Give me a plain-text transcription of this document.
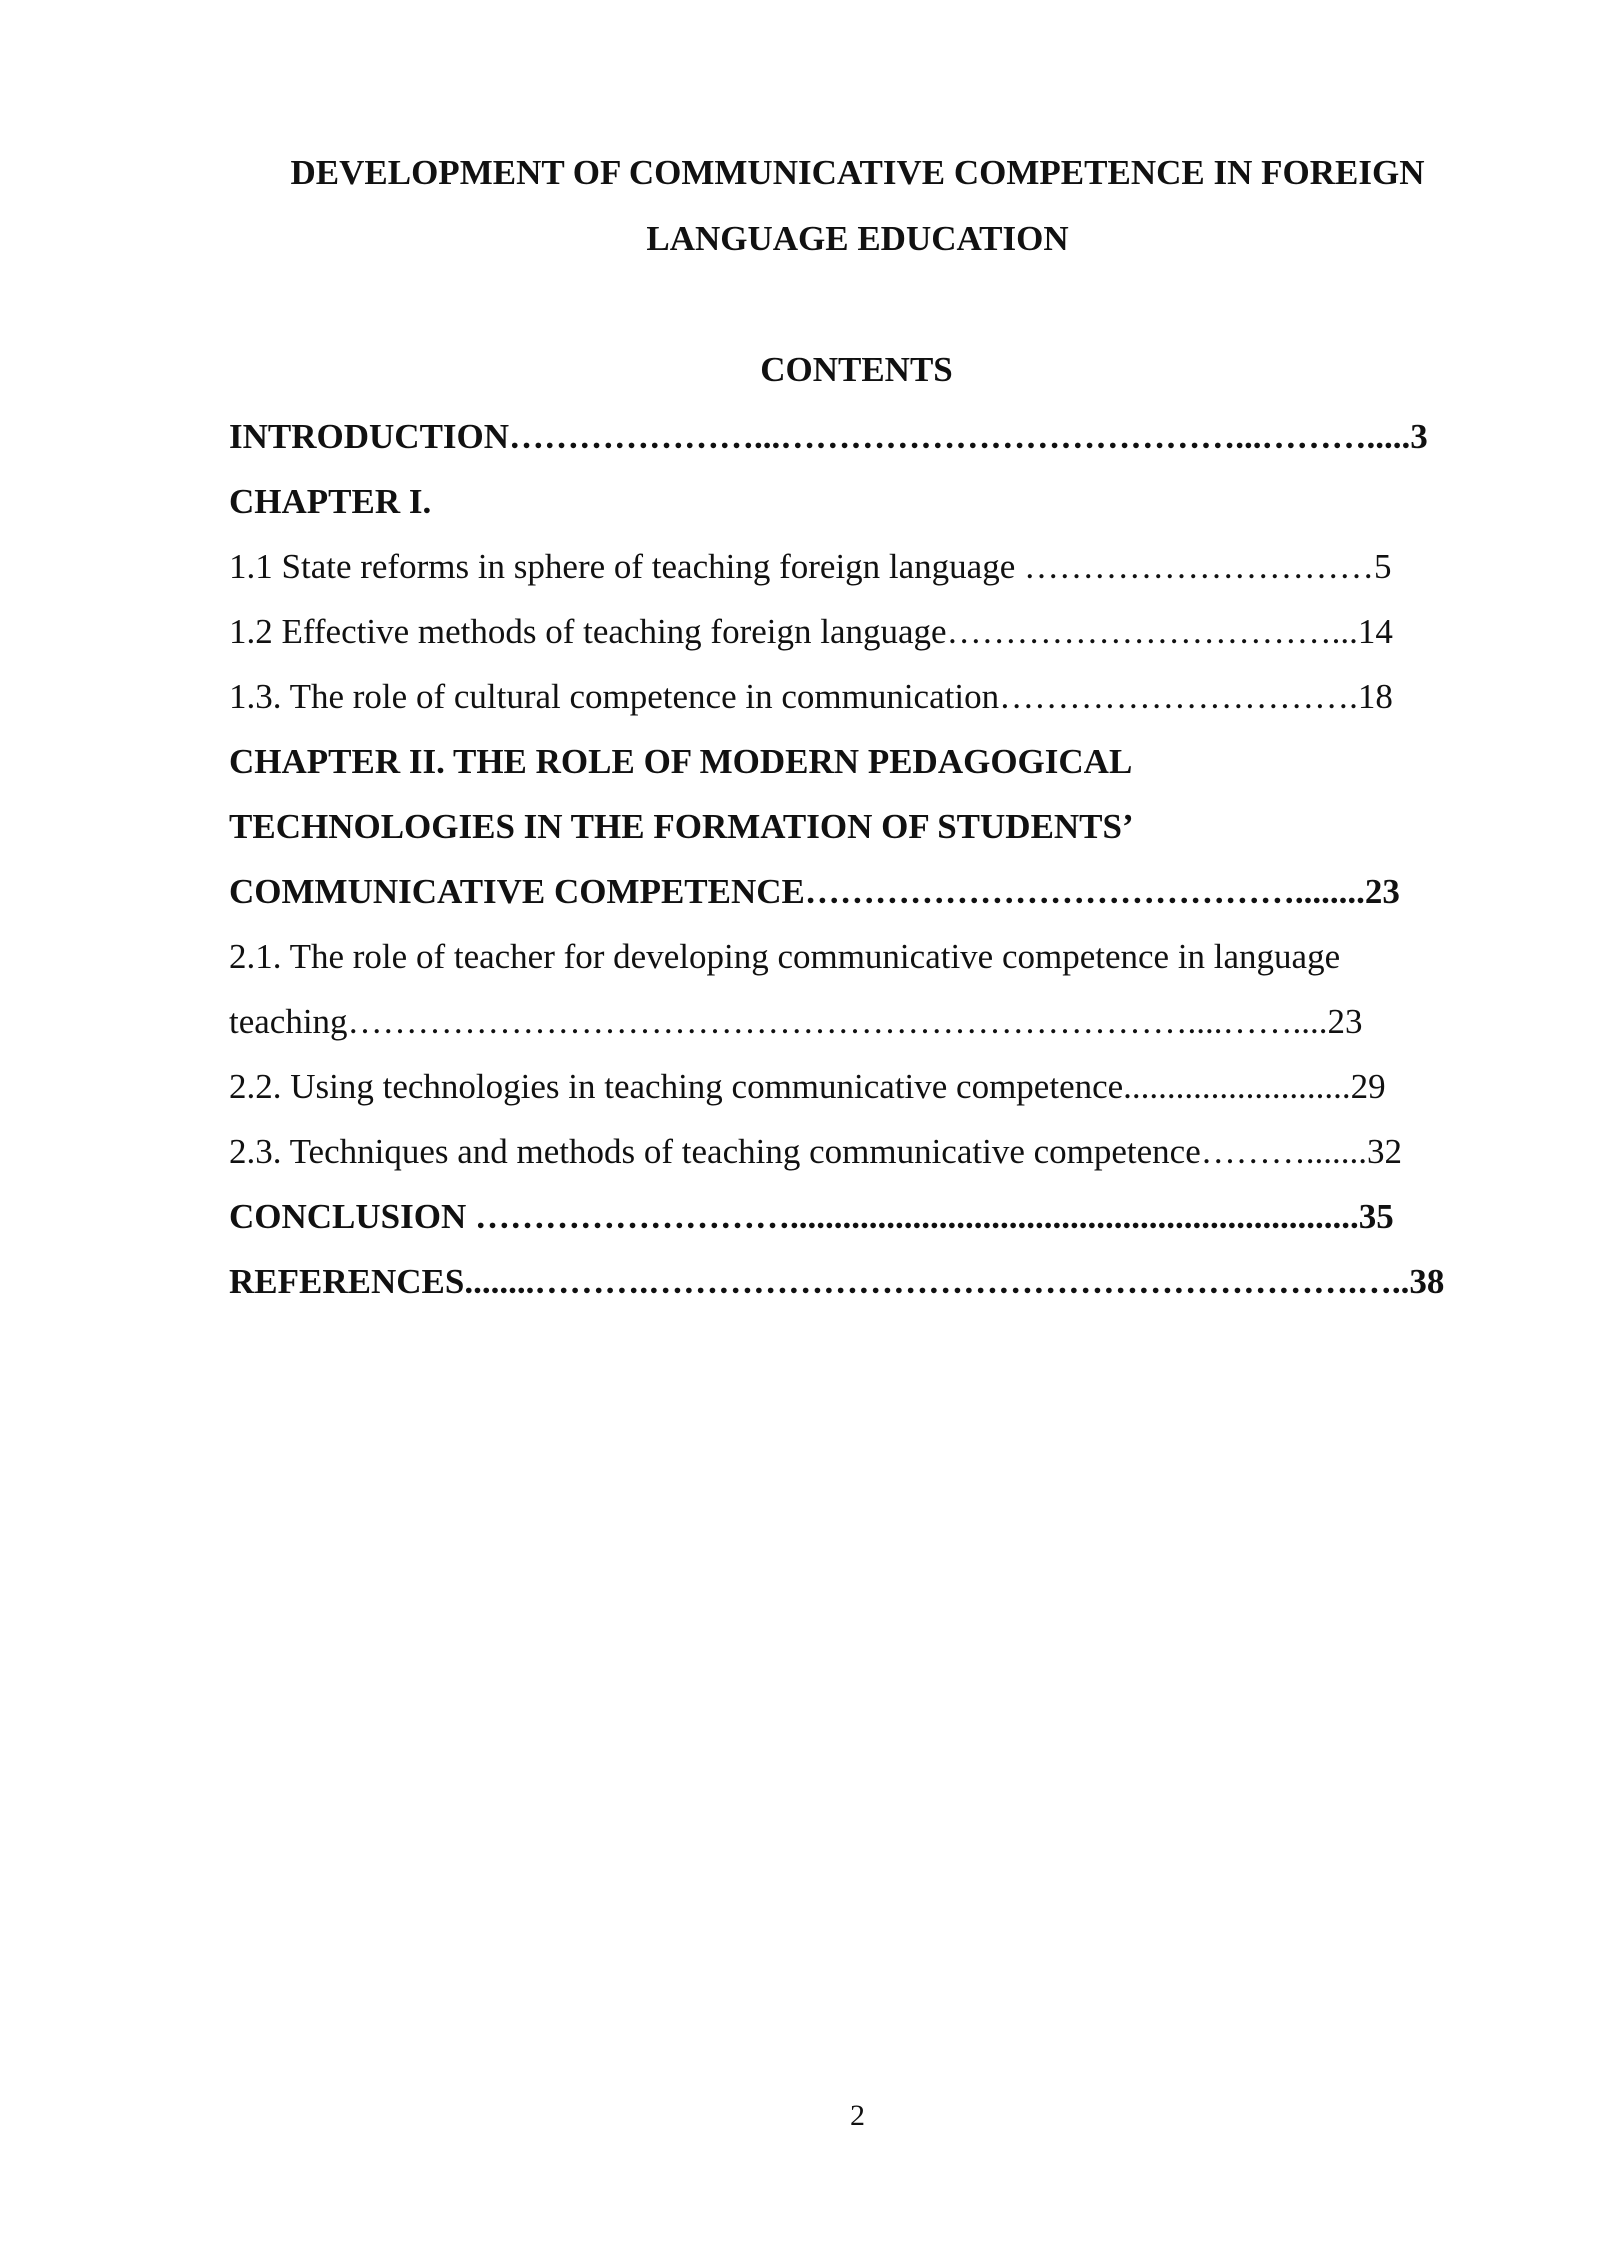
DEVELOPMENT OF COMMUNICATIVE COMPETENCE IN FOREIGN
LANGUAGE EDUCATION
CONTENTS
INTRODUCTION…………………...…………………………………...……….....3
CHAPTER I.
1.1 State reforms in sphere of teaching foreign language …………………………5
1.2 Effective methods of teaching foreign language……………………………...14
1.3. The role of cultural competence in communication………………………….18
CHAPTER II. THE ROLE OF MODERN PEDAGOGICAL
TECHNOLOGIES IN THE FORMATION OF STUDENTS’
COMMUNICATIVE COMPETENCE……………………………………........23
2.1. The role of teacher for developing communicative competence in language
teaching………………………………………………………………....……....23
2.2. Using technologies in teaching communicative competence..........................29
2.3. Techniques and methods of teaching communicative competence……….......32
CONCLUSION ……………………….................................................................35
REFERENCES........……….…………………………………………………….…..38
2
